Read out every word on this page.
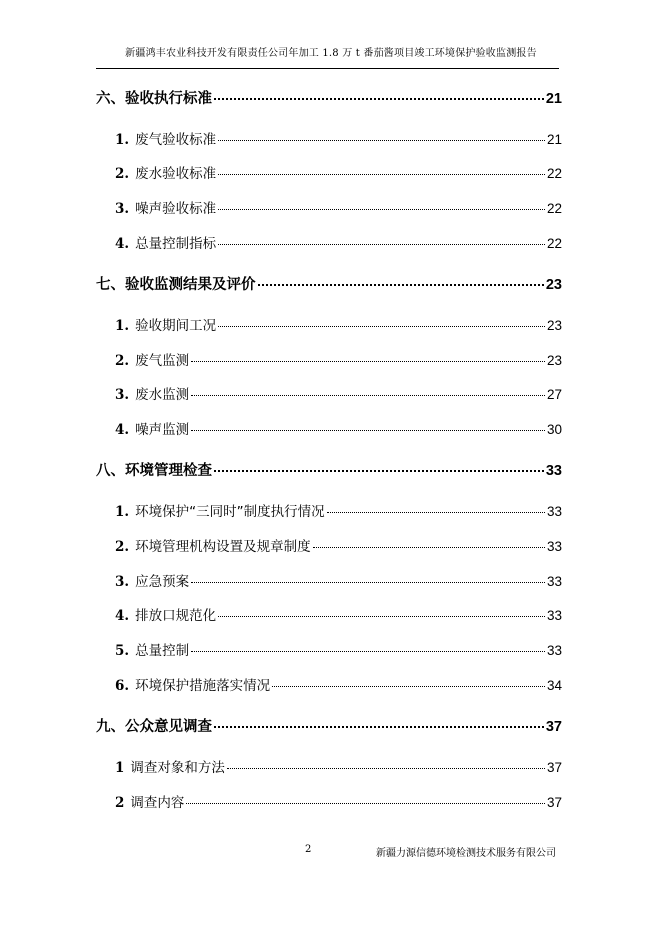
新疆鸿丰农业科技开发有限责任公司年加工 1.8 万 t 番茄酱项目竣工环境保护验收监测报告
六、验收执行标准	21
1. 废气验收标准	21
2. 废水验收标准	22
3. 噪声验收标准	22
4. 总量控制指标	22
七、验收监测结果及评价	23
1. 验收期间工况	23
2. 废气监测	23
3. 废水监测	27
4. 噪声监测	30
八、环境管理检查	33
1. 环境保护“三同时”制度执行情况	33
2. 环境管理机构设置及规章制度	33
3. 应急预案	33
4. 排放口规范化	33
5. 总量控制	33
6. 环境保护措施落实情况	34
九、公众意见调查	37
1 调查对象和方法	37
2 调查内容	37
2	新疆力源信德环境检测技术服务有限公司
